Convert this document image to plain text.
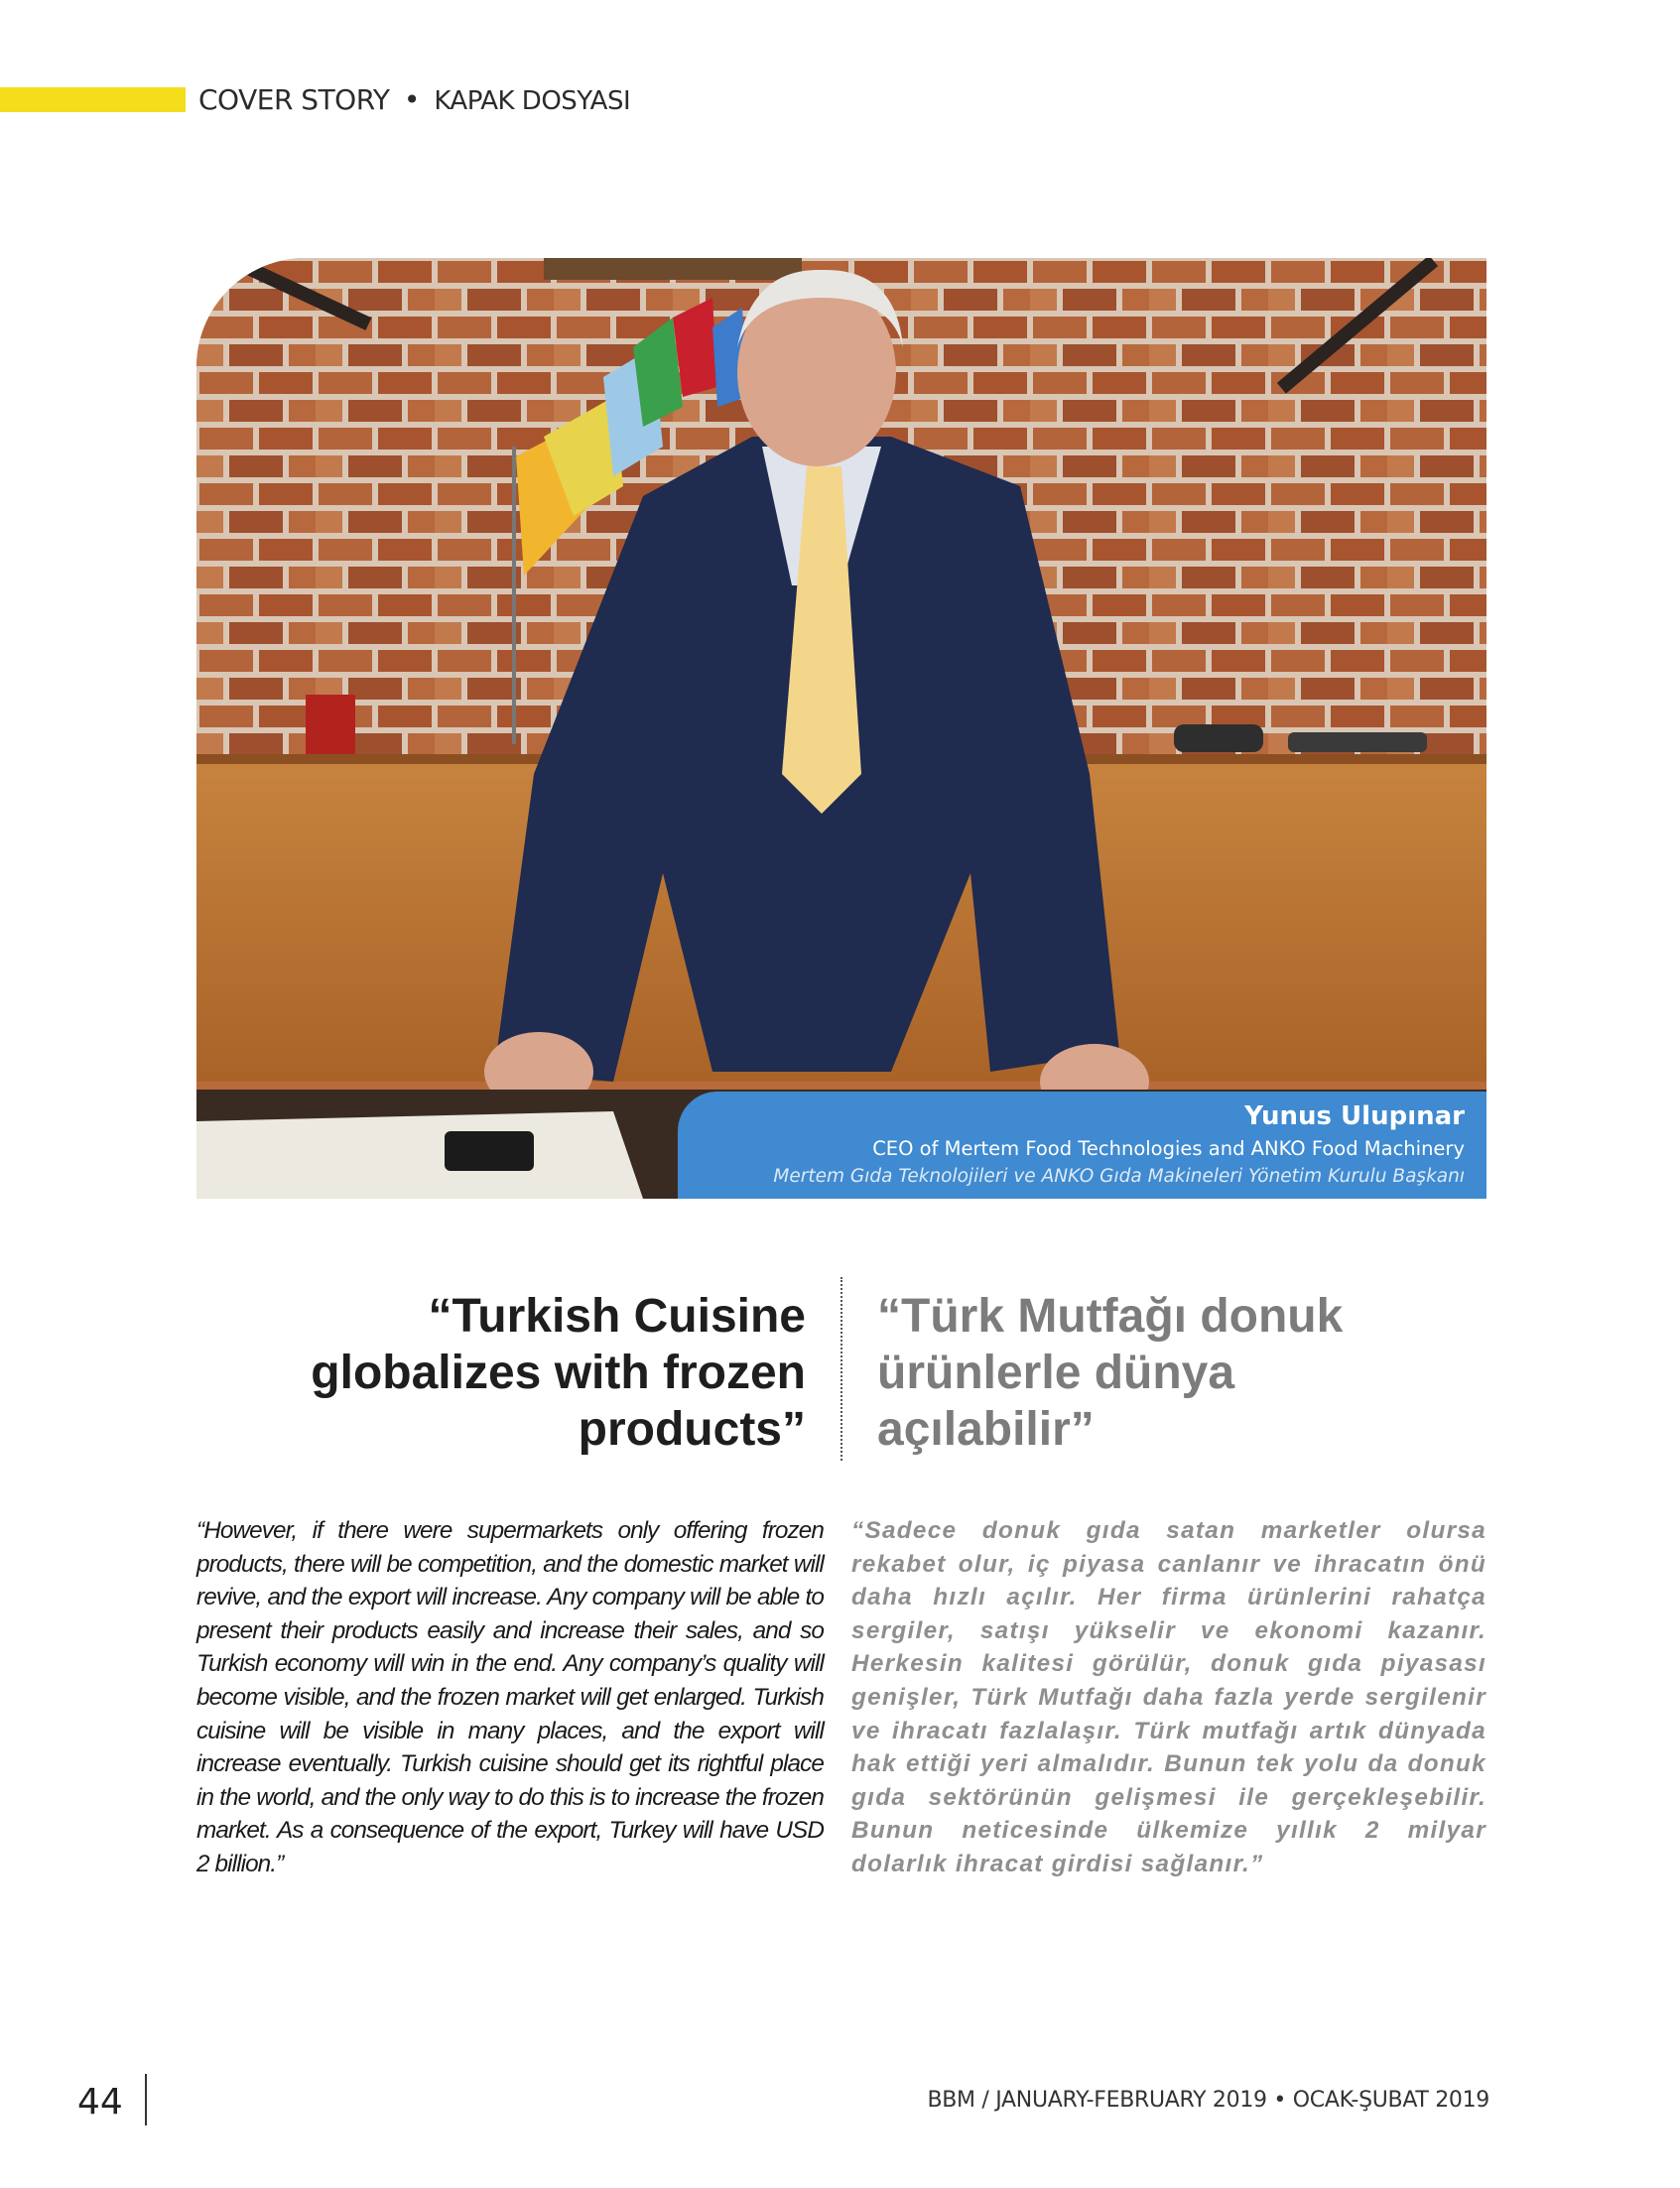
COVER STORY • KAPAK DOSYASI
Yunus Ulupınar
CEO of Mertem Food Technologies and ANKO Food Machinery
Mertem Gıda Teknolojileri ve ANKO Gıda Makineleri Yönetim Kurulu Başkanı
“Turkish Cuisine globalizes with frozen products”
“Türk Mutfağı donuk ürünlerle dünya açılabilir”
“However, if there were supermarkets only offering frozen products, there will be competition, and the domestic market will revive, and the export will increase. Any company will be able to present their products easily and increase their sales, and so Turkish economy will win in the end. Any company’s quality will become visible, and the frozen market will get enlarged. Turkish cuisine will be visible in many places, and the export will increase eventually. Turkish cuisine should get its rightful place in the world, and the only way to do this is to increase the frozen market. As a consequence of the export, Turkey will have USD 2 billion.”
“Sadece donuk gıda satan marketler olursa rekabet olur, iç piyasa canlanır ve ihracatın önü daha hızlı açılır. Her firma ürünlerini rahatça sergiler, satışı yükselir ve ekonomi kazanır. Herkesin kalitesi görülür, donuk gıda piyasası genişler, Türk Mutfağı daha fazla yerde sergilenir ve ihracatı fazlalaşır. Türk mutfağı artık dünyada hak ettiği yeri almalıdır. Bunun tek yolu da donuk gıda sektörünün gelişmesi ile gerçekleşebilir. Bunun neticesinde ülkemize yıllık 2 milyar dolarlık ihracat girdisi sağlanır.”
44	BBM / JANUARY-FEBRUARY 2019 • OCAK-ŞUBAT 2019
